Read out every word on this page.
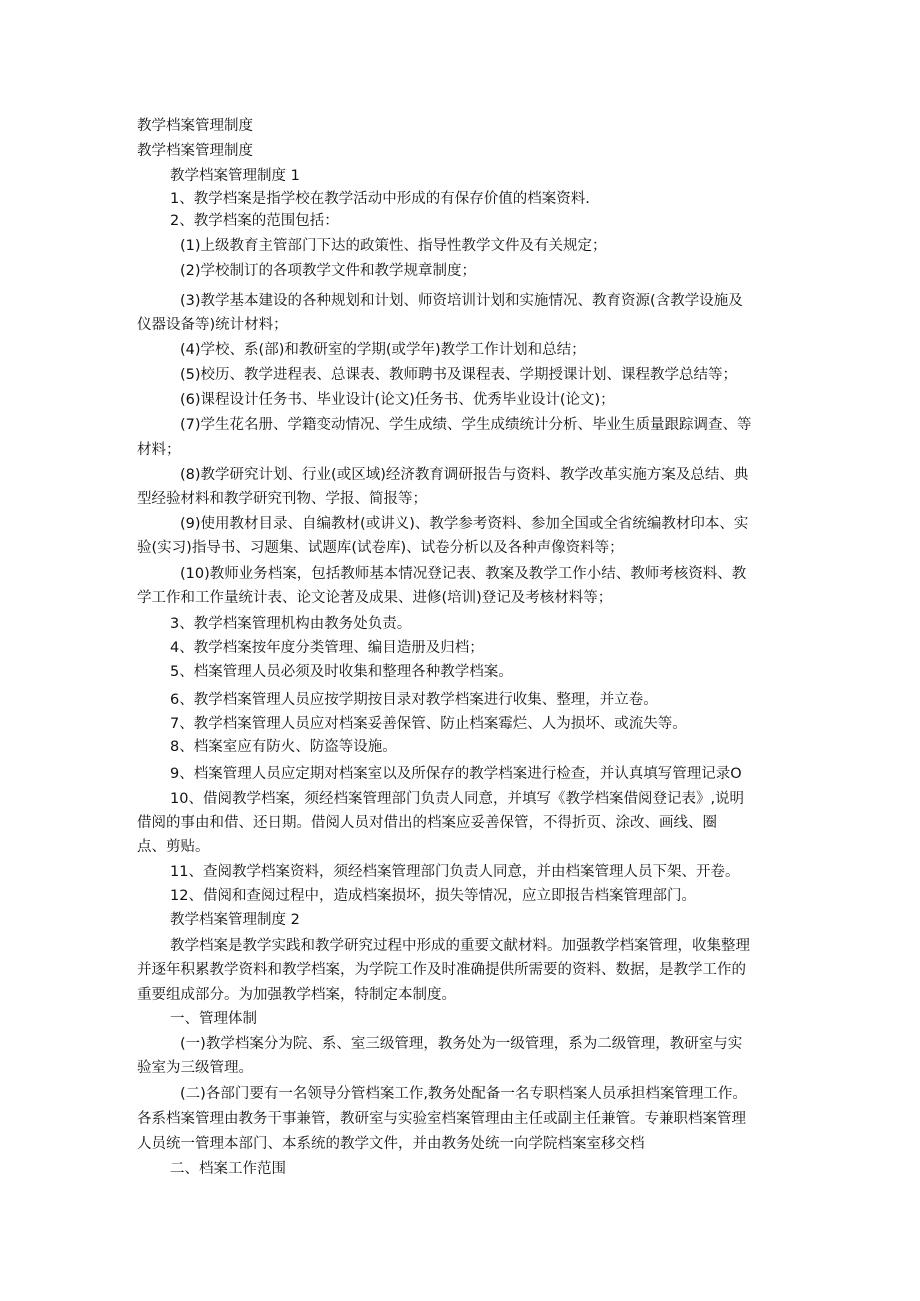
教学档案管理制度

教学档案管理制度

教学档案管理制度 1

1、教学档案是指学校在教学活动中形成的有保存价值的档案资料.

2、教学档案的范围包括：

(1)上级教育主管部门下达的政策性、指导性教学文件及有关规定；

(2)学校制订的各项教学文件和教学规章制度；

(3)教学基本建设的各种规划和计划、师资培训计划和实施情况、教育资源(含教学设施及

仪器设备等)统计材料；

(4)学校、系(部)和教研室的学期(或学年)教学工作计划和总结；

(5)校历、教学进程表、总课表、教师聘书及课程表、学期授课计划、课程教学总结等；

(6)课程设计任务书、毕业设计(论文)任务书、优秀毕业设计(论文)；

(7)学生花名册、学籍变动情况、学生成绩、学生成绩统计分析、毕业生质量跟踪调查、等

材料；

(8)教学研究计划、行业(或区域)经济教育调研报告与资料、教学改革实施方案及总结、典

型经验材料和教学研究刊物、学报、简报等；

(9)使用教材目录、自编教材(或讲义)、教学参考资料、参加全国或全省统编教材印本、实

验(实习)指导书、习题集、试题库(试卷库)、试卷分析以及各种声像资料等；

(10)教师业务档案，包括教师基本情况登记表、教案及教学工作小结、教师考核资料、教

学工作和工作量统计表、论文论著及成果、进修(培训)登记及考核材料等；

3、教学档案管理机构由教务处负责。

4、教学档案按年度分类管理、编目造册及归档；

5、档案管理人员必须及时收集和整理各种教学档案。

6、教学档案管理人员应按学期按目录对教学档案进行收集、整理，并立卷。

7、教学档案管理人员应对档案妥善保管、防止档案霉烂、人为损坏、或流失等。

8、档案室应有防火、防盗等设施。

9、档案管理人员应定期对档案室以及所保存的教学档案进行检查，并认真填写管理记录O

10、借阅教学档案，须经档案管理部门负责人同意，并填写《教学档案借阅登记表》,说明

借阅的事由和借、还日期。借阅人员对借出的档案应妥善保管，不得折页、涂改、画线、圈

点、剪贴。

11、查阅教学档案资料，须经档案管理部门负责人同意，并由档案管理人员下架、开卷。

12、借阅和查阅过程中，造成档案损坏，损失等情况，应立即报告档案管理部门。

教学档案管理制度 2

教学档案是教学实践和教学研究过程中形成的重要文献材料。加强教学档案管理，收集整理

并逐年积累教学资料和教学档案，为学院工作及时准确提供所需要的资料、数据，是教学工作的

重要组成部分。为加强教学档案，特制定本制度。

一、管理体制

(一)教学档案分为院、系、室三级管理，教务处为一级管理，系为二级管理，教研室与实

验室为三级管理。

(二)各部门要有一名领导分管档案工作,教务处配备一名专职档案人员承担档案管理工作。

各系档案管理由教务干事兼管，教研室与实验室档案管理由主任或副主任兼管。专兼职档案管理

人员统一管理本部门、本系统的教学文件，并由教务处统一向学院档案室移交档

二、档案工作范围
